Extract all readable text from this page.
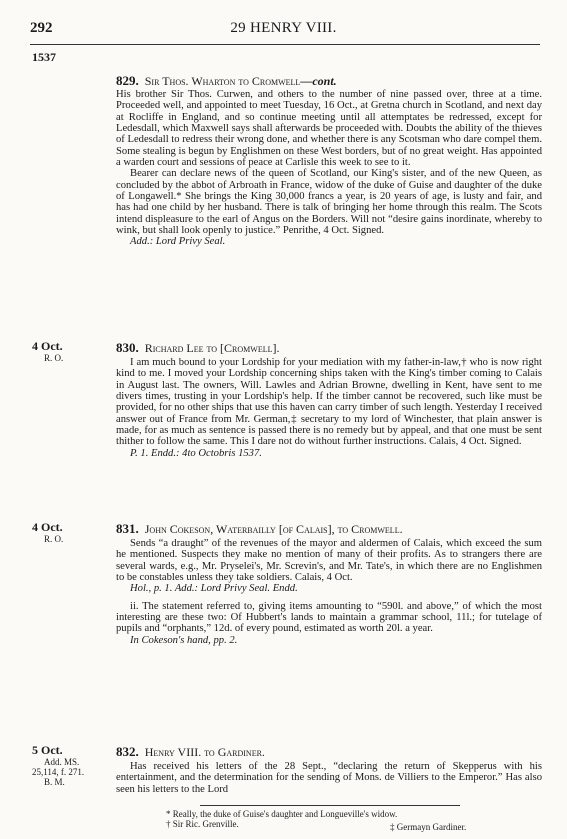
292	29 HENRY VIII.
1537
829. Sir Thos. Wharton to Cromwell—cont.

His brother Sir Thos. Curwen, and others to the number of nine passed over, three at a time. Proceeded well, and appointed to meet Tuesday, 16 Oct., at Gretna church in Scotland, and next day at Rocliffe in England, and so continue meeting until all attemptates be redressed, except for Ledesdall, which Maxwell says shall afterwards be proceeded with. Doubts the ability of the thieves of Ledesdall to redress their wrong done, and whether there is any Scotsman who dare compel them. Some stealing is begun by Englishmen on these West borders, but of no great weight. Has appointed a warden court and sessions of peace at Carlisle this week to see to it.

Bearer can declare news of the queen of Scotland, our King's sister, and of the new Queen, as concluded by the abbot of Arbroath in France, widow of the duke of Guise and daughter of the duke of Longawell.* She brings the King 30,000 francs a year, is 20 years of age, is lusty and fair, and has had one child by her husband. There is talk of bringing her home through this realm. The Scots intend displeasure to the earl of Angus on the Borders. Will not “desire gains inordinate, whereby to wink, but shall look openly to justice.” Penrithe, 4 Oct. Signed.

Add.: Lord Privy Seal.
4 Oct.
R. O.
830. Richard Lee to [Cromwell].

I am much bound to your Lordship for your mediation with my father-in-law,† who is now right kind to me. I moved your Lordship concerning ships taken with the King's timber coming to Calais in August last. The owners, Will. Lawles and Adrian Browne, dwelling in Kent, have sent to me divers times, trusting in your Lordship's help. If the timber cannot be recovered, such like must be provided, for no other ships that use this haven can carry timber of such length. Yesterday I received answer out of France from Mr. German,‡ secretary to my lord of Winchester, that plain answer is made, for as much as sentence is passed there is no remedy but by appeal, and that one must be sent thither to follow the same. This I dare not do without further instructions. Calais, 4 Oct. Signed.

P. 1. Endd.: 4to Octobris 1537.
4 Oct.
R. O.
831. John Cokeson, Waterbailly [of Calais], to Cromwell.

Sends “a draught” of the revenues of the mayor and aldermen of Calais, which exceed the sum he mentioned. Suspects they make no mention of many of their profits. As to strangers there are several wards, e.g., Mr. Pryselei's, Mr. Screvin's, and Mr. Tate's, in which there are no Englishmen to be constables unless they take soldiers. Calais, 4 Oct.

Hol., p. 1. Add.: Lord Privy Seal. Endd.

ii. The statement referred to, giving items amounting to “590l. and above,” of which the most interesting are these two: Of Hubbert's lands to maintain a grammar school, 11l.; for tutelage of pupils and “orphants,” 12d. of every pound, estimated as worth 20l. a year.

In Cokeson's hand, pp. 2.
5 Oct.
Add. MS.
25,114, f. 271.
B. M.
832. Henry VIII. to Gardiner.

Has received his letters of the 28 Sept., “declaring the return of Skepperus with his entertainment, and the determination for the sending of Mons. de Villiers to the Emperor.” Has also seen his letters to the Lord

* Really, the duke of Guise's daughter and Longueville's widow.
† Sir Ric. Grenville.	‡ Germayn Gardiner.
